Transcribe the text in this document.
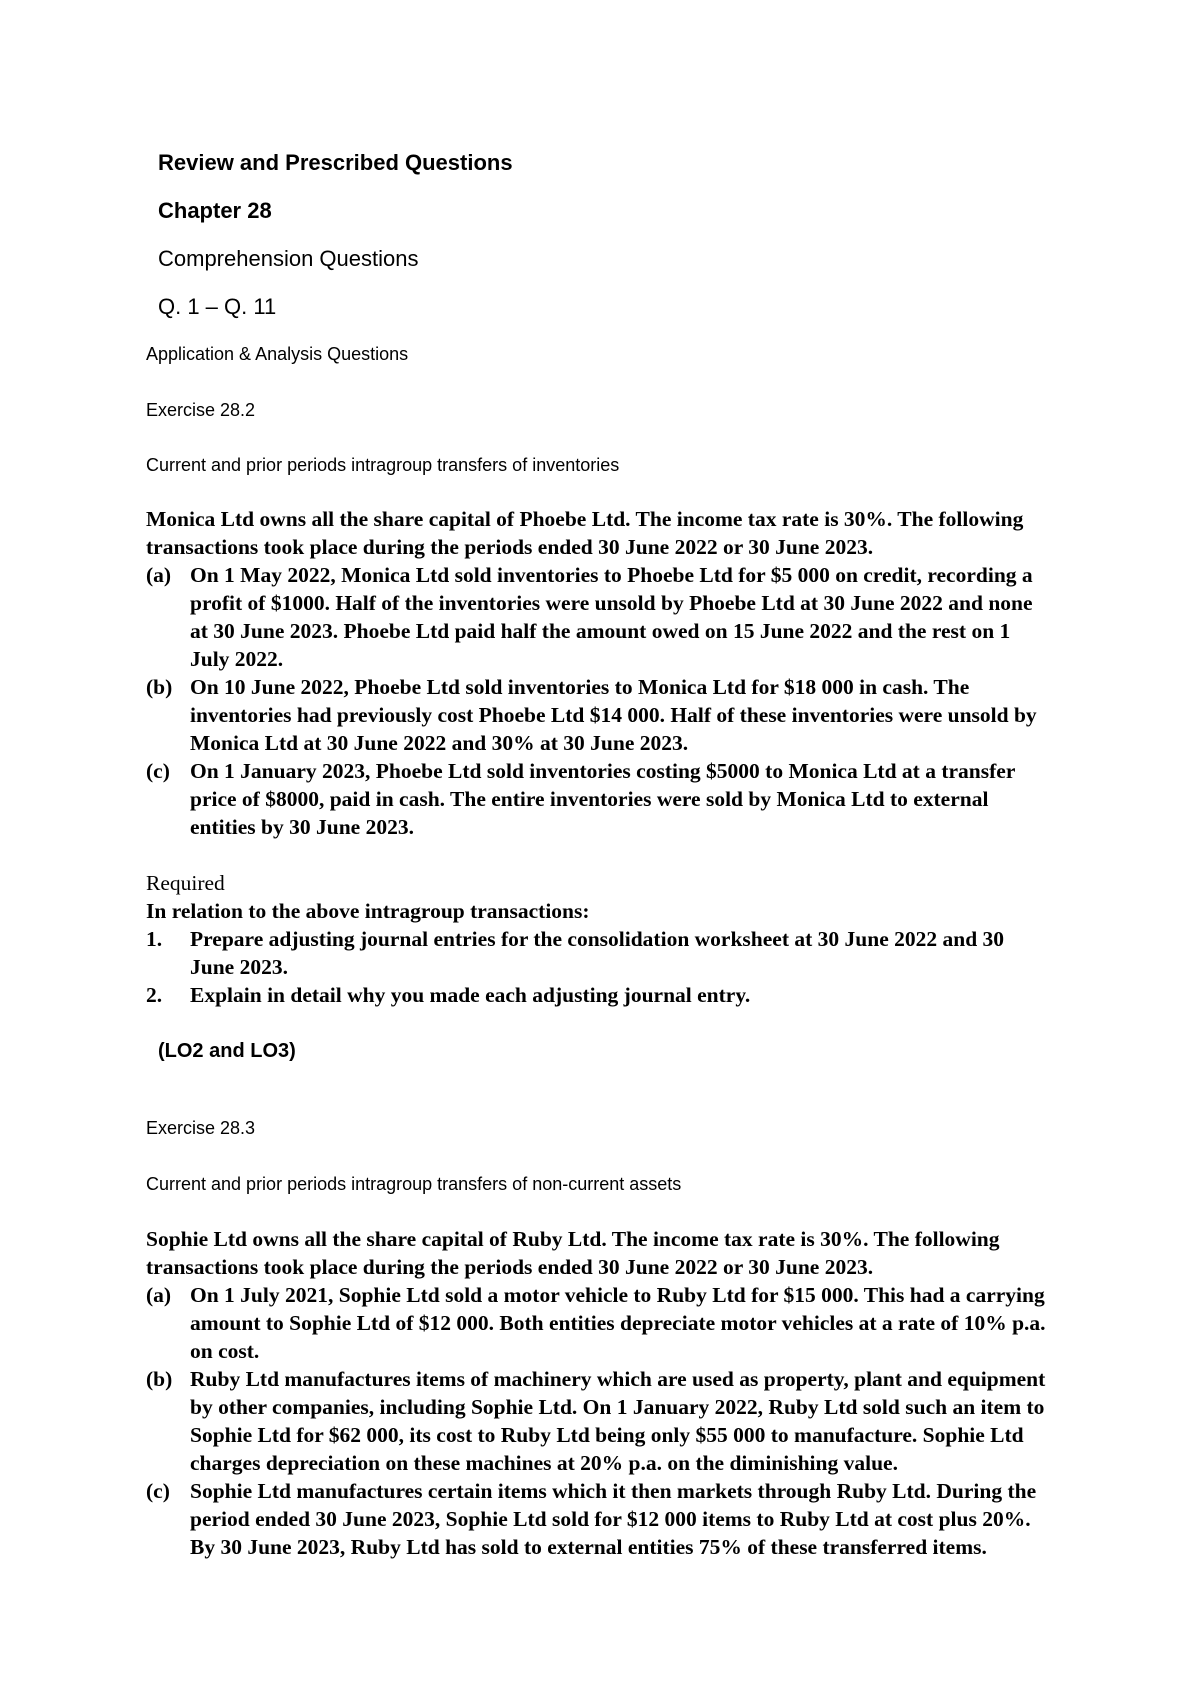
Review and Prescribed Questions
Chapter 28
Comprehension Questions
Q. 1 – Q. 11
Application & Analysis Questions
Exercise 28.2
Current and prior periods intragroup transfers of inventories

Monica Ltd owns all the share capital of Phoebe Ltd. The income tax rate is 30%. The following transactions took place during the periods ended 30 June 2022 or 30 June 2023.

(a) On 1 May 2022, Monica Ltd sold inventories to Phoebe Ltd for $5 000 on credit, recording a profit of $1000. Half of the inventories were unsold by Phoebe Ltd at 30 June 2022 and none at 30 June 2023. Phoebe Ltd paid half the amount owed on 15 June 2022 and the rest on 1 July 2022.
(b) On 10 June 2022, Phoebe Ltd sold inventories to Monica Ltd for $18 000 in cash. The inventories had previously cost Phoebe Ltd $14 000. Half of these inventories were unsold by Monica Ltd at 30 June 2022 and 30% at 30 June 2023.
(c) On 1 January 2023, Phoebe Ltd sold inventories costing $5000 to Monica Ltd at a transfer price of $8000, paid in cash. The entire inventories were sold by Monica Ltd to external entities by 30 June 2023.

Required

In relation to the above intragroup transactions:

1. Prepare adjusting journal entries for the consolidation worksheet at 30 June 2022 and 30 June 2023.
2. Explain in detail why you made each adjusting journal entry.
(LO2 and LO3)
Exercise 28.3
Current and prior periods intragroup transfers of non-current assets

Sophie Ltd owns all the share capital of Ruby Ltd. The income tax rate is 30%. The following transactions took place during the periods ended 30 June 2022 or 30 June 2023.

(a) On 1 July 2021, Sophie Ltd sold a motor vehicle to Ruby Ltd for $15 000. This had a carrying amount to Sophie Ltd of $12 000. Both entities depreciate motor vehicles at a rate of 10% p.a. on cost.
(b) Ruby Ltd manufactures items of machinery which are used as property, plant and equipment by other companies, including Sophie Ltd. On 1 January 2022, Ruby Ltd sold such an item to Sophie Ltd for $62 000, its cost to Ruby Ltd being only $55 000 to manufacture. Sophie Ltd charges depreciation on these machines at 20% p.a. on the diminishing value.
(c) Sophie Ltd manufactures certain items which it then markets through Ruby Ltd. During the period ended 30 June 2023, Sophie Ltd sold for $12 000 items to Ruby Ltd at cost plus 20%. By 30 June 2023, Ruby Ltd has sold to external entities 75% of these transferred items.
